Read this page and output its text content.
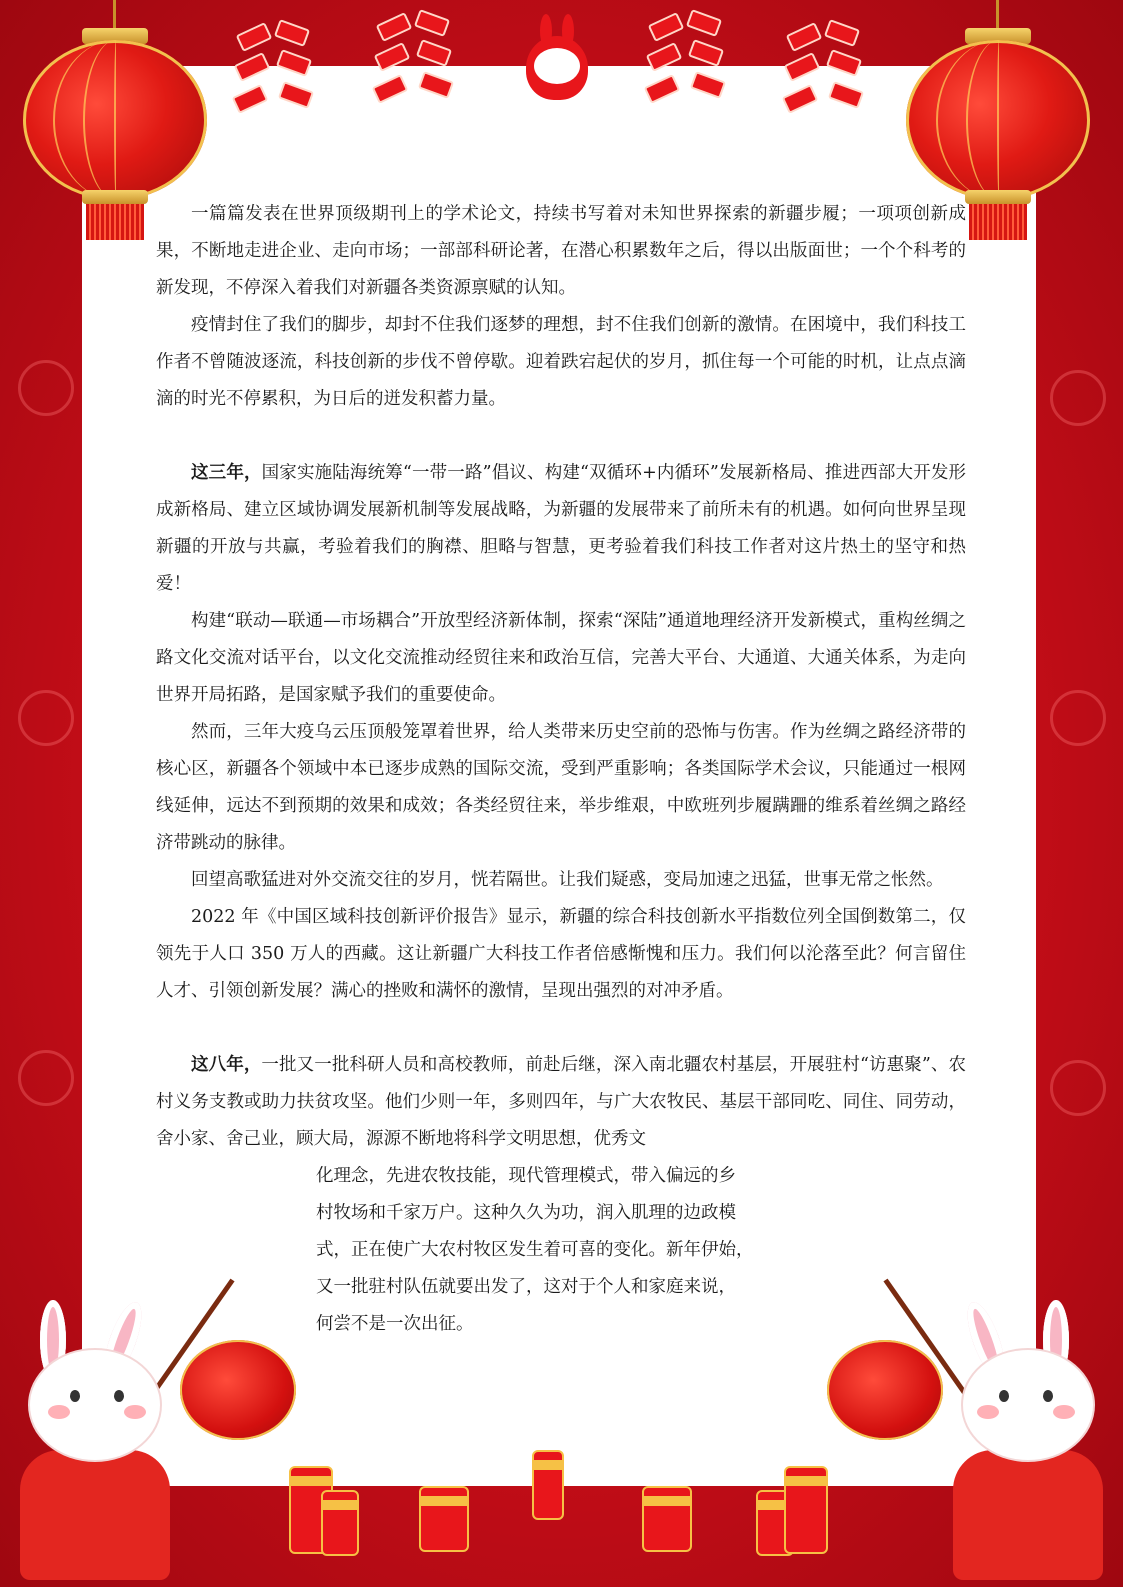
一篇篇发表在世界顶级期刊上的学术论文，持续书写着对未知世界探索的新疆步履；一项项创新成果，不断地走进企业、走向市场；一部部科研论著，在潜心积累数年之后，得以出版面世；一个个科考的新发现，不停深入着我们对新疆各类资源禀赋的认知。

疫情封住了我们的脚步，却封不住我们逐梦的理想，封不住我们创新的激情。在困境中，我们科技工作者不曾随波逐流，科技创新的步伐不曾停歇。迎着跌宕起伏的岁月，抓住每一个可能的时机，让点点滴滴的时光不停累积，为日后的迸发积蓄力量。

这三年，国家实施陆海统筹“一带一路”倡议、构建“双循环+内循环”发展新格局、推进西部大开发形成新格局、建立区域协调发展新机制等发展战略，为新疆的发展带来了前所未有的机遇。如何向世界呈现新疆的开放与共赢，考验着我们的胸襟、胆略与智慧，更考验着我们科技工作者对这片热土的坚守和热爱！

构建“联动—联通—市场耦合”开放型经济新体制，探索“深陆”通道地理经济开发新模式，重构丝绸之路文化交流对话平台，以文化交流推动经贸往来和政治互信，完善大平台、大通道、大通关体系，为走向世界开局拓路，是国家赋予我们的重要使命。

然而，三年大疫乌云压顶般笼罩着世界，给人类带来历史空前的恐怖与伤害。作为丝绸之路经济带的核心区，新疆各个领域中本已逐步成熟的国际交流，受到严重影响；各类国际学术会议，只能通过一根网线延伸，远达不到预期的效果和成效；各类经贸往来，举步维艰，中欧班列步履蹒跚的维系着丝绸之路经济带跳动的脉律。

回望高歌猛进对外交流交往的岁月，恍若隔世。让我们疑惑，变局加速之迅猛，世事无常之怅然。

2022 年《中国区域科技创新评价报告》显示，新疆的综合科技创新水平指数位列全国倒数第二，仅领先于人口 350 万人的西藏。这让新疆广大科技工作者倍感惭愧和压力。我们何以沦落至此？何言留住人才、引领创新发展？满心的挫败和满怀的激情，呈现出强烈的对冲矛盾。

这八年，一批又一批科研人员和高校教师，前赴后继，深入南北疆农村基层，开展驻村“访惠聚”、农村义务支教或助力扶贫攻坚。他们少则一年，多则四年，与广大农牧民、基层干部同吃、同住、同劳动，舍小家、舍己业，顾大局，源源不断地将科学文明思想，优秀文

化理念，先进农牧技能，现代管理模式，带入偏远的乡

村牧场和千家万户。这种久久为功，润入肌理的边政模

式，正在使广大农村牧区发生着可喜的变化。新年伊始，

又一批驻村队伍就要出发了，这对于个人和家庭来说，

何尝不是一次出征。
